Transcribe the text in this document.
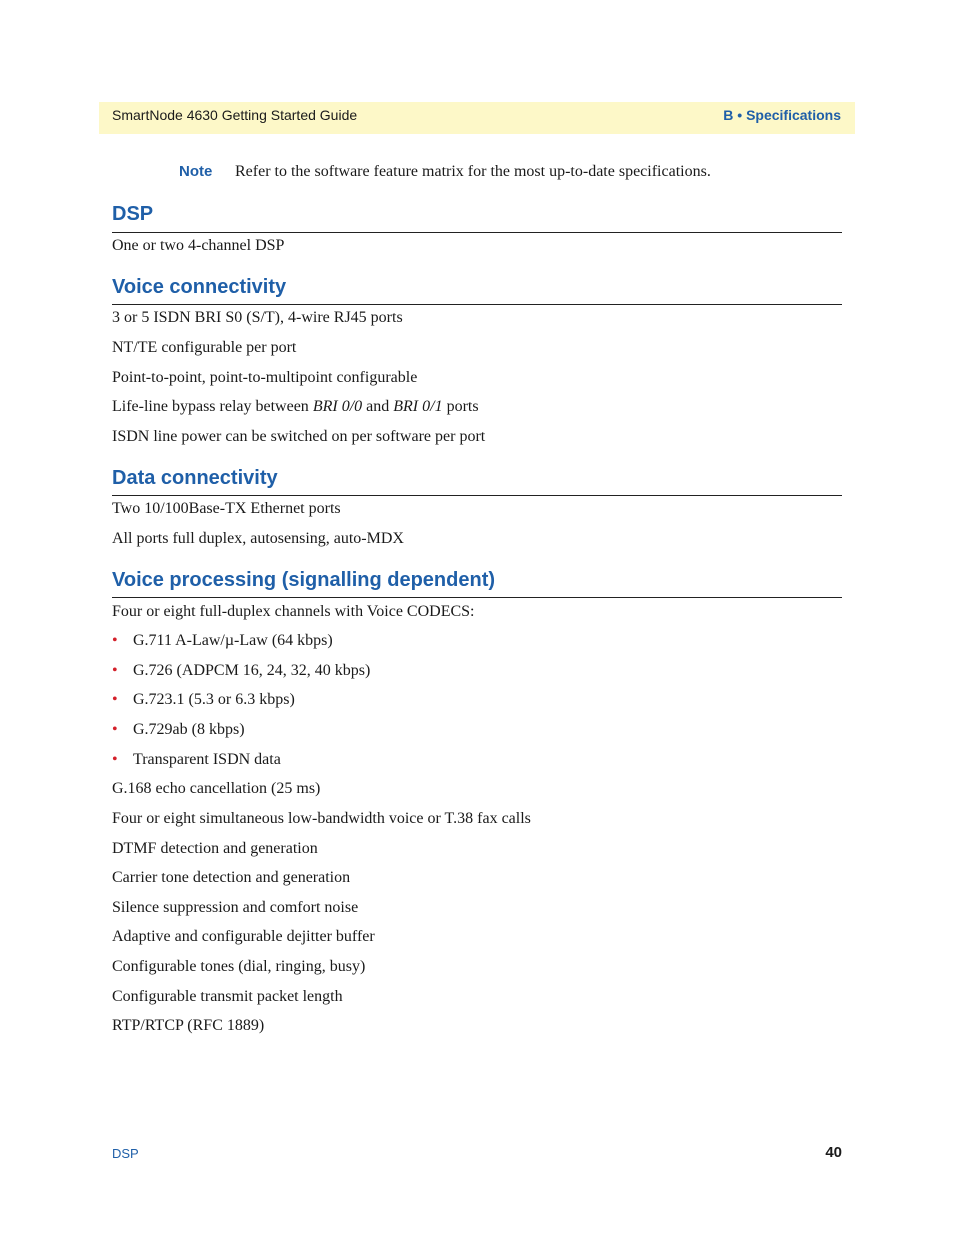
SmartNode 4630 Getting Started Guide	B • Specifications
Note Refer to the software feature matrix for the most up-to-date specifications.
DSP
One or two 4-channel DSP
Voice connectivity
3 or 5 ISDN BRI S0 (S/T), 4-wire RJ45 ports
NT/TE configurable per port
Point-to-point, point-to-multipoint configurable
Life-line bypass relay between BRI 0/0 and BRI 0/1 ports
ISDN line power can be switched on per software per port
Data connectivity
Two 10/100Base-TX Ethernet ports
All ports full duplex, autosensing, auto-MDX
Voice processing (signalling dependent)
Four or eight full-duplex channels with Voice CODECS:
• G.711 A-Law/µ-Law (64 kbps)
• G.726 (ADPCM 16, 24, 32, 40 kbps)
• G.723.1 (5.3 or 6.3 kbps)
• G.729ab (8 kbps)
• Transparent ISDN data
G.168 echo cancellation (25 ms)
Four or eight simultaneous low-bandwidth voice or T.38 fax calls
DTMF detection and generation
Carrier tone detection and generation
Silence suppression and comfort noise
Adaptive and configurable dejitter buffer
Configurable tones (dial, ringing, busy)
Configurable transmit packet length
RTP/RTCP (RFC 1889)
DSP	40
